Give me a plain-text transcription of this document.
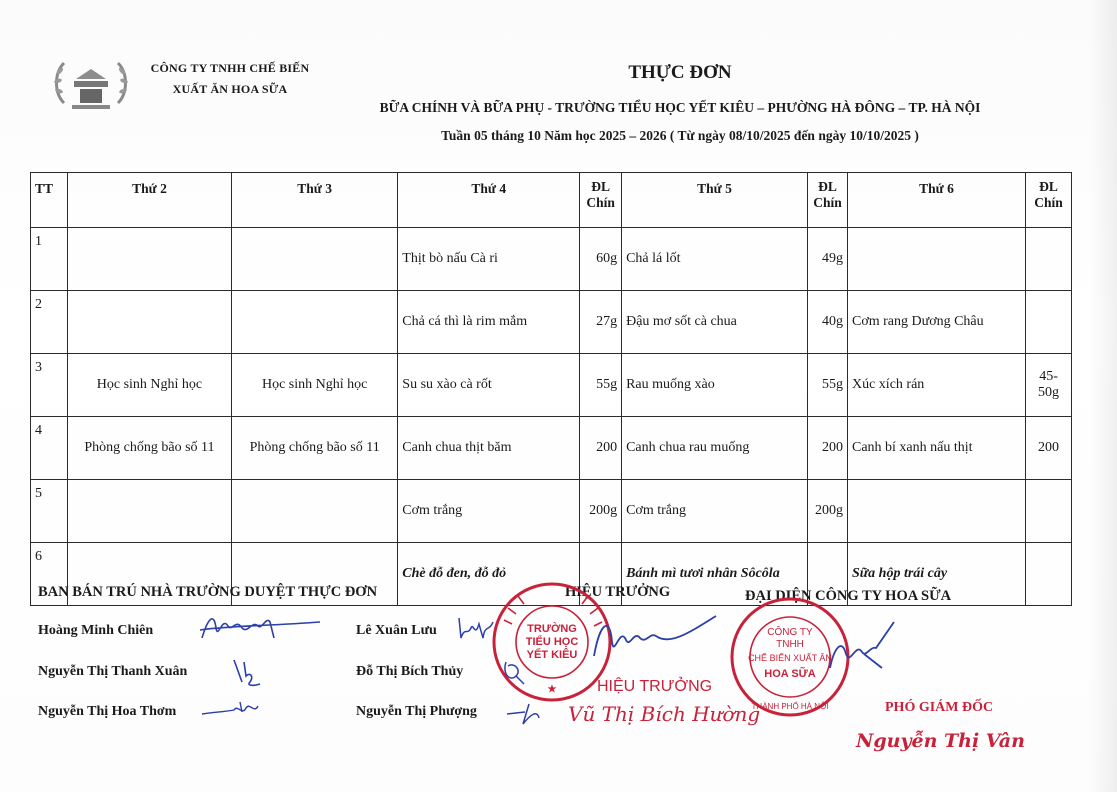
CÔNG TY TNHH CHẾ BIẾN
XUẤT ĂN HOA SỮA
THỰC ĐƠN
BỮA CHÍNH VÀ BỮA PHỤ - TRƯỜNG TIỂU HỌC YẾT KIÊU – PHƯỜNG HÀ ĐÔNG – TP. HÀ NỘI
Tuần 05 tháng 10 Năm học 2025 – 2026 ( Từ ngày 08/10/2025 đến ngày 10/10/2025 )
TT	Thứ 2	Thứ 3	Thứ 4	ĐL Chín	Thứ 5	ĐL Chín	Thứ 6	ĐL Chín
1			Thịt bò nấu Cà ri	60g	Chả lá lốt	49g		
2			Chả cá thì là rim mắm	27g	Đậu mơ sốt cà chua	40g	Cơm rang Dương Châu	
3	Học sinh Nghỉ học	Học sinh Nghỉ học	Su su xào cà rốt	55g	Rau muống xào	55g	Xúc xích rán	45-50g
4	Phòng chống bão số 11	Phòng chống bão số 11	Canh chua thịt băm	200	Canh chua rau muống	200	Canh bí xanh nấu thịt	200
5			Cơm trắng	200g	Cơm trắng	200g		
6			Chè đỗ đen, đỗ đỏ		Bánh mì tươi nhân Sôcôla		Sữa hộp trái cây	
BAN BÁN TRÚ NHÀ TRƯỜNG DUYỆT THỰC ĐƠN	HIỆU TRƯỞNG	ĐẠI DIỆN CÔNG TY HOA SỮA
Hoàng Minh Chiên
Nguyễn Thị Thanh Xuân
Nguyễn Thị Hoa Thơm
Lê Xuân Lưu
Đỗ Thị Bích Thủy
Nguyễn Thị Phượng
TRƯỜNG
TIỂU HỌC
YẾT KIÊU
★	HIỆU TRƯỞNG
Vũ Thị Bích Hường
CÔNG TY
TNHH
CHẾ BIẾN XUẤT ĂN
HOA SỮA
THÀNH PHỐ HÀ NỘI	PHÓ GIÁM ĐỐC
Nguyễn Thị Vân
